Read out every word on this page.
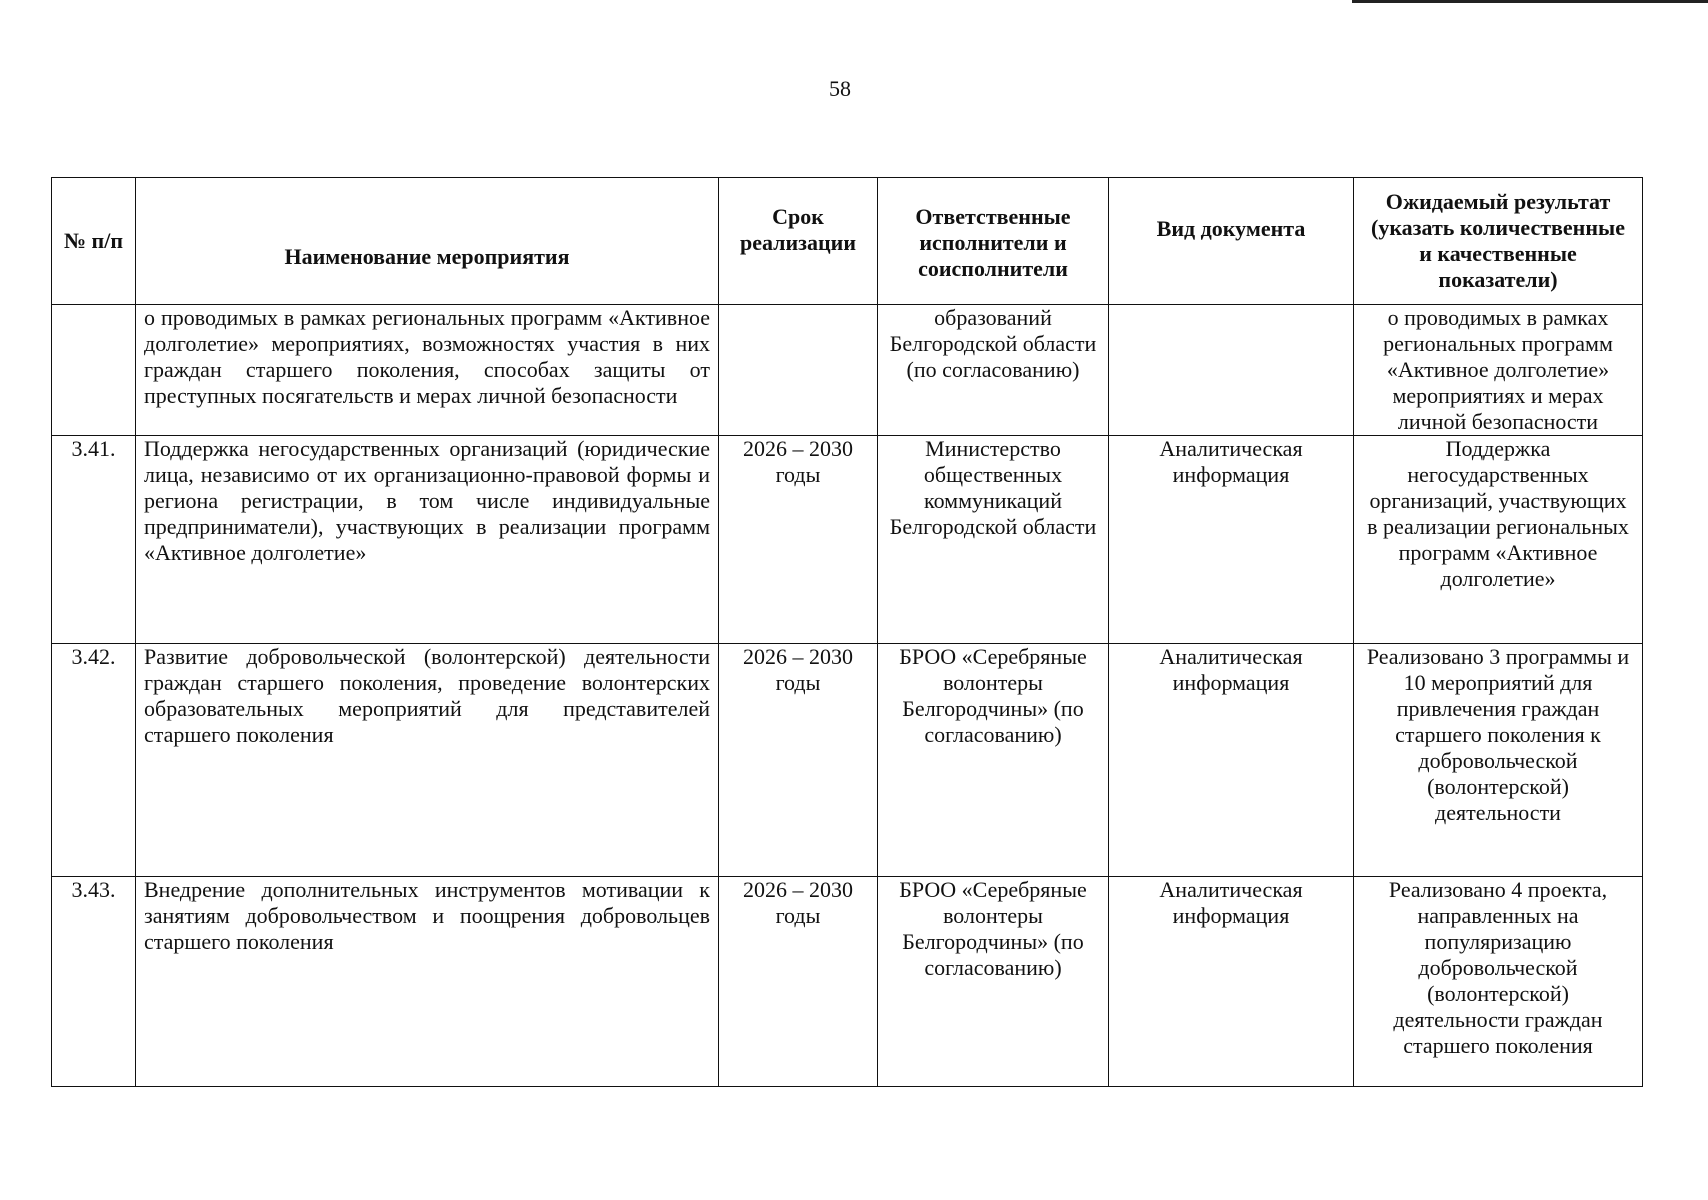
58
№ п/п	Наименование мероприятия	Срок реализации	Ответственные исполнители и соисполнители	Вид документа	Ожидаемый результат (указать количественные и качественные показатели)
	о проводимых в рамках региональных программ «Активное долголетие» мероприятиях, возможностях участия в них граждан старшего поколения, способах защиты от преступных посягательств и мерах личной безопасности		образований Белгородской области (по согласованию)		о проводимых в рамках региональных программ «Активное долголетие» мероприятиях и мерах личной безопасности
3.41.	Поддержка негосударственных организаций (юридические лица, независимо от их организационно-правовой формы и региона регистрации, в том числе индивидуальные предприниматели), участвующих в реализации программ «Активное долголетие»	2026 – 2030 годы	Министерство общественных коммуникаций Белгородской области	Аналитическая информация	Поддержка негосударственных организаций, участвующих в реализации региональных программ «Активное долголетие»
3.42.	Развитие добровольческой (волонтерской) деятельности граждан старшего поколения, проведение волонтерских образовательных мероприятий для представителей старшего поколения	2026 – 2030 годы	БРОО «Серебряные волонтеры Белгородчины» (по согласованию)	Аналитическая информация	Реализовано 3 программы и 10 мероприятий для привлечения граждан старшего поколения к добровольческой (волонтерской) деятельности
3.43.	Внедрение дополнительных инструментов мотивации к занятиям добровольчеством и поощрения добровольцев старшего поколения	2026 – 2030 годы	БРОО «Серебряные волонтеры Белгородчины» (по согласованию)	Аналитическая информация	Реализовано 4 проекта, направленных на популяризацию добровольческой (волонтерской) деятельности граждан старшего поколения
